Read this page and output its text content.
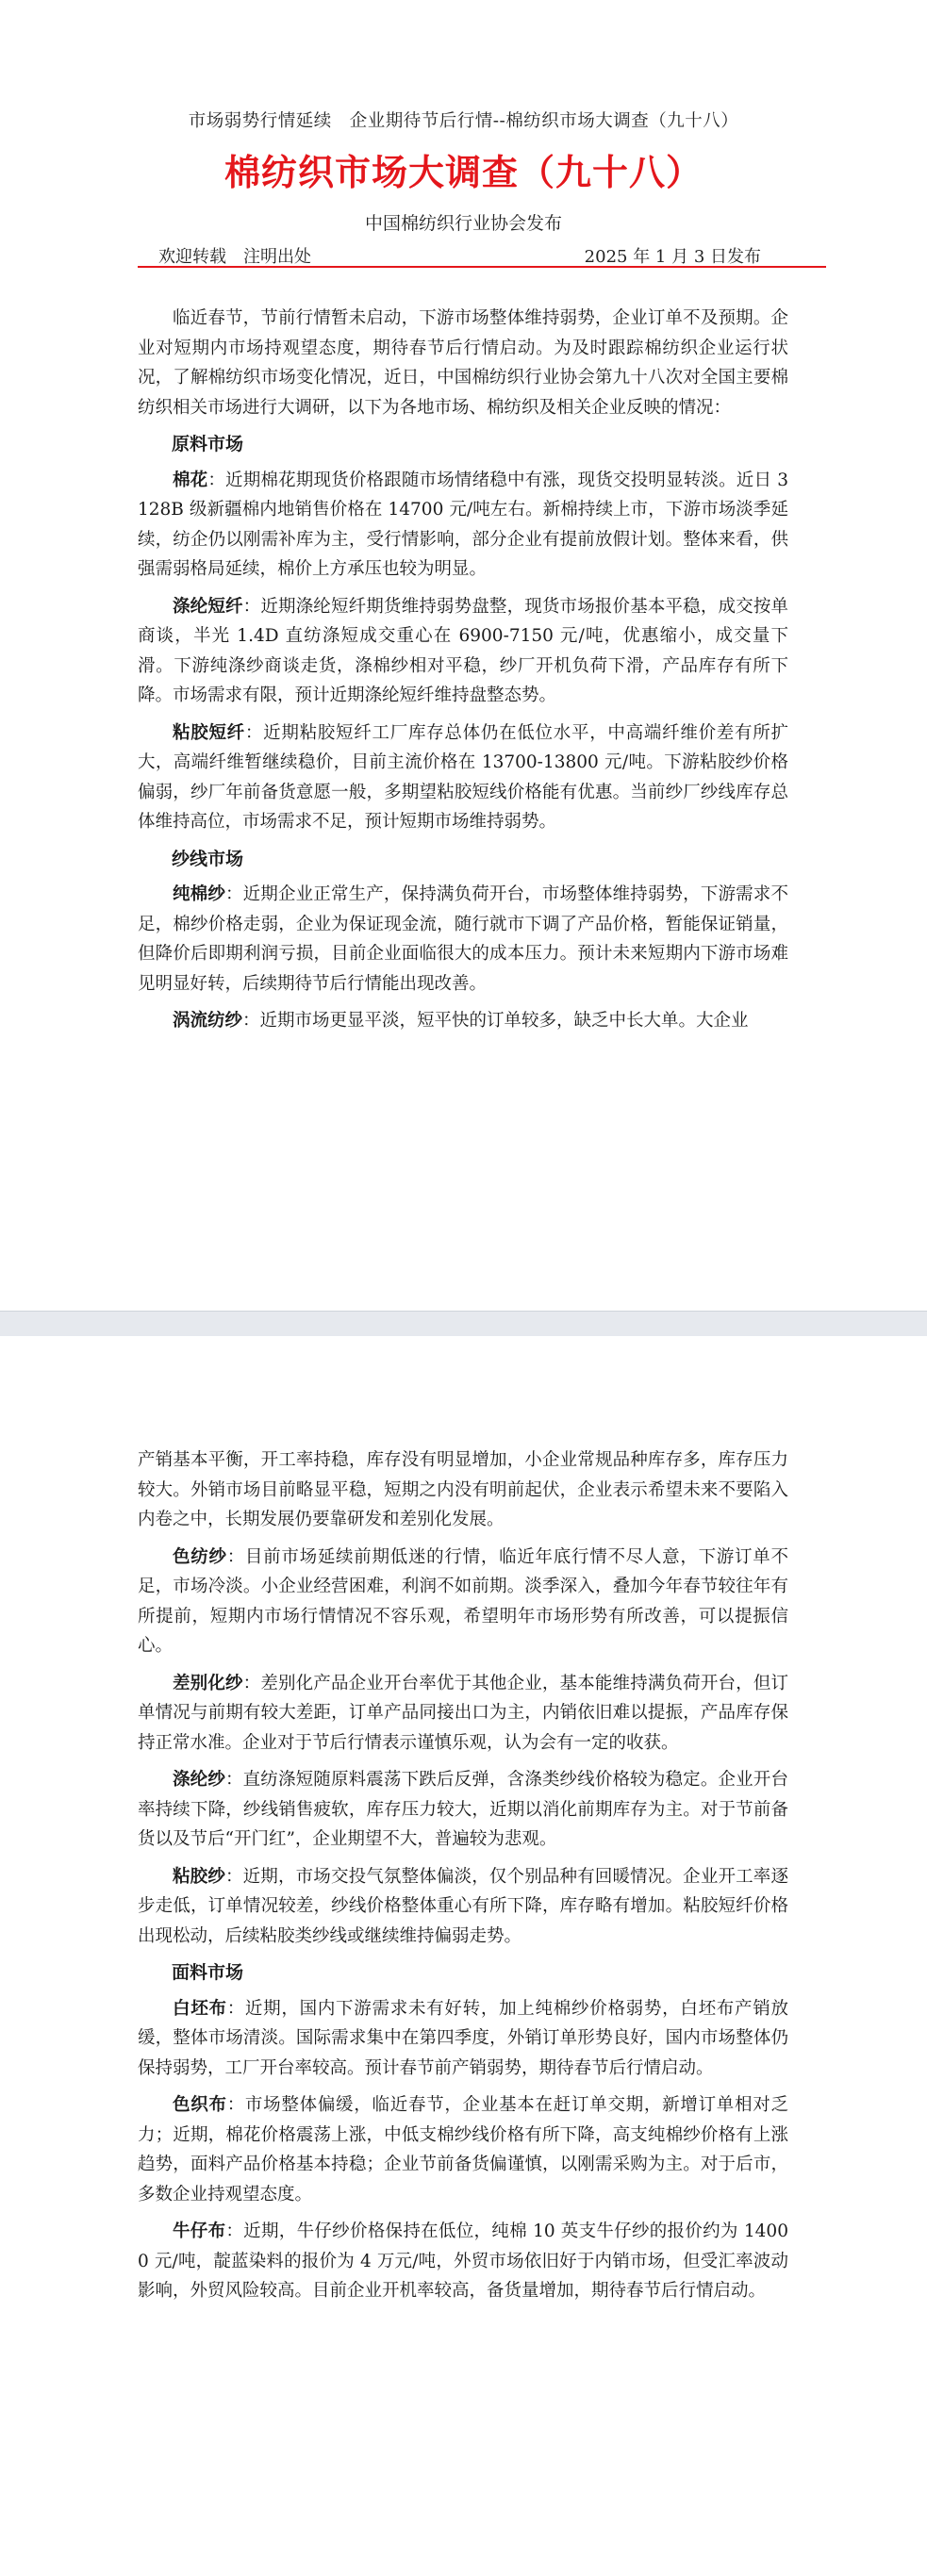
市场弱势行情延续　企业期待节后行情--棉纺织市场大调查（九十八）
棉纺织市场大调查（九十八）
中国棉纺织行业协会发布
欢迎转载　注明出处	2025 年 1 月 3 日发布

临近春节，节前行情暂未启动，下游市场整体维持弱势，企业订单不及预期。企业对短期内市场持观望态度，期待春节后行情启动。为及时跟踪棉纺织企业运行状况，了解棉纺织市场变化情况，近日，中国棉纺织行业协会第九十八次对全国主要棉纺织相关市场进行大调研，以下为各地市场、棉纺织及相关企业反映的情况：

原料市场

棉花：近期棉花期现货价格跟随市场情绪稳中有涨，现货交投明显转淡。近日 3128B 级新疆棉内地销售价格在 14700 元/吨左右。新棉持续上市，下游市场淡季延续，纺企仍以刚需补库为主，受行情影响，部分企业有提前放假计划。整体来看，供强需弱格局延续，棉价上方承压也较为明显。

涤纶短纤：近期涤纶短纤期货维持弱势盘整，现货市场报价基本平稳，成交按单商谈，半光 1.4D 直纺涤短成交重心在 6900-7150 元/吨，优惠缩小，成交量下滑。下游纯涤纱商谈走货，涤棉纱相对平稳，纱厂开机负荷下滑，产品库存有所下降。市场需求有限，预计近期涤纶短纤维持盘整态势。

粘胶短纤：近期粘胶短纤工厂库存总体仍在低位水平，中高端纤维价差有所扩大，高端纤维暂继续稳价，目前主流价格在 13700-13800 元/吨。下游粘胶纱价格偏弱，纱厂年前备货意愿一般，多期望粘胶短线价格能有优惠。当前纱厂纱线库存总体维持高位，市场需求不足，预计短期市场维持弱势。

纱线市场

纯棉纱：近期企业正常生产，保持满负荷开台，市场整体维持弱势，下游需求不足，棉纱价格走弱，企业为保证现金流，随行就市下调了产品价格，暂能保证销量，但降价后即期利润亏损，目前企业面临很大的成本压力。预计未来短期内下游市场难见明显好转，后续期待节后行情能出现改善。

涡流纺纱：近期市场更显平淡，短平快的订单较多，缺乏中长大单。大企业

产销基本平衡，开工率持稳，库存没有明显增加，小企业常规品种库存多，库存压力较大。外销市场目前略显平稳，短期之内没有明前起伏，企业表示希望未来不要陷入内卷之中，长期发展仍要靠研发和差别化发展。

色纺纱：目前市场延续前期低迷的行情，临近年底行情不尽人意，下游订单不足，市场冷淡。小企业经营困难，利润不如前期。淡季深入，叠加今年春节较往年有所提前，短期内市场行情情况不容乐观，希望明年市场形势有所改善，可以提振信心。

差别化纱：差别化产品企业开台率优于其他企业，基本能维持满负荷开台，但订单情况与前期有较大差距，订单产品同接出口为主，内销依旧难以提振，产品库存保持正常水准。企业对于节后行情表示谨慎乐观，认为会有一定的收获。

涤纶纱：直纺涤短随原料震荡下跌后反弹，含涤类纱线价格较为稳定。企业开台率持续下降，纱线销售疲软，库存压力较大，近期以消化前期库存为主。对于节前备货以及节后“开门红”，企业期望不大，普遍较为悲观。

粘胶纱：近期，市场交投气氛整体偏淡，仅个别品种有回暖情况。企业开工率逐步走低，订单情况较差，纱线价格整体重心有所下降，库存略有增加。粘胶短纤价格出现松动，后续粘胶类纱线或继续维持偏弱走势。

面料市场

白坯布：近期，国内下游需求未有好转，加上纯棉纱价格弱势，白坯布产销放缓，整体市场清淡。国际需求集中在第四季度，外销订单形势良好，国内市场整体仍保持弱势，工厂开台率较高。预计春节前产销弱势，期待春节后行情启动。

色织布：市场整体偏缓，临近春节，企业基本在赶订单交期，新增订单相对乏力；近期，棉花价格震荡上涨，中低支棉纱线价格有所下降，高支纯棉纱价格有上涨趋势，面料产品价格基本持稳；企业节前备货偏谨慎，以刚需采购为主。对于后市，多数企业持观望态度。

牛仔布：近期，牛仔纱价格保持在低位，纯棉 10 英支牛仔纱的报价约为 14000 元/吨，靛蓝染料的报价为 4 万元/吨，外贸市场依旧好于内销市场，但受汇率波动影响，外贸风险较高。目前企业开机率较高，备货量增加，期待春节后行情启动。
